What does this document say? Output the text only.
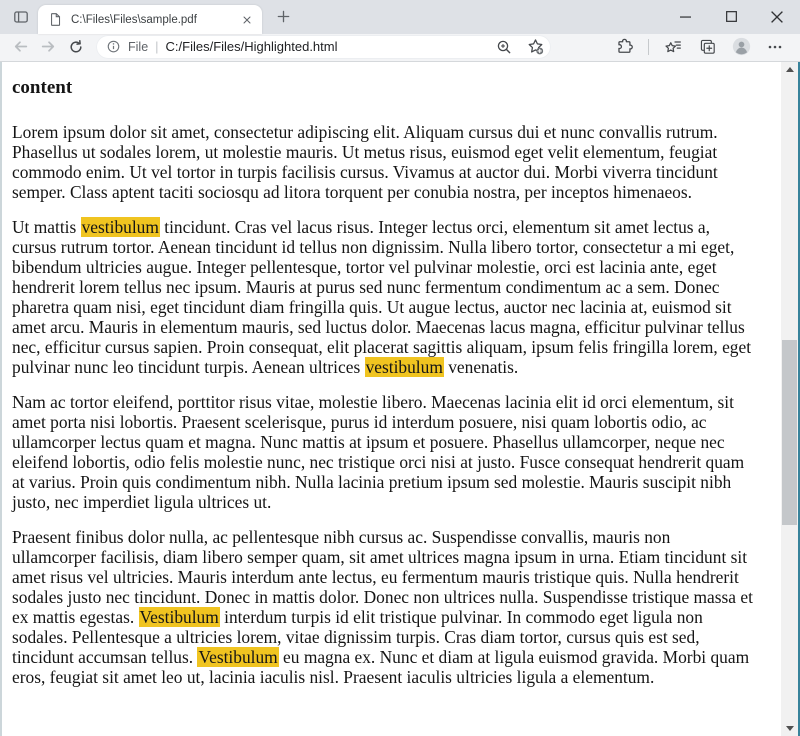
C:\Files\Files\sample.pdf
File | C:/Files/Files/Highlighted.html
content

Lorem ipsum dolor sit amet, consectetur adipiscing elit. Aliquam cursus dui et nunc convallis rutrum. Phasellus ut sodales lorem, ut molestie mauris. Ut metus risus, euismod eget velit elementum, feugiat commodo enim. Ut vel tortor in turpis facilisis cursus. Vivamus at auctor dui. Morbi viverra tincidunt semper. Class aptent taciti sociosqu ad litora torquent per conubia nostra, per inceptos himenaeos.

Ut mattis vestibulum tincidunt. Cras vel lacus risus. Integer lectus orci, elementum sit amet lectus a, cursus rutrum tortor. Aenean tincidunt id tellus non dignissim. Nulla libero tortor, consectetur a mi eget, bibendum ultricies augue. Integer pellentesque, tortor vel pulvinar molestie, orci est lacinia ante, eget hendrerit lorem tellus nec ipsum. Mauris at purus sed nunc fermentum condimentum ac a sem. Donec pharetra quam nisi, eget tincidunt diam fringilla quis. Ut augue lectus, auctor nec lacinia at, euismod sit amet arcu. Mauris in elementum mauris, sed luctus dolor. Maecenas lacus magna, efficitur pulvinar tellus nec, efficitur cursus sapien. Proin consequat, elit placerat sagittis aliquam, ipsum felis fringilla lorem, eget pulvinar nunc leo tincidunt turpis. Aenean ultrices vestibulum venenatis.

Nam ac tortor eleifend, porttitor risus vitae, molestie libero. Maecenas lacinia elit id orci elementum, sit amet porta nisi lobortis. Praesent scelerisque, purus id interdum posuere, nisi quam lobortis odio, ac ullamcorper lectus quam et magna. Nunc mattis at ipsum et posuere. Phasellus ullamcorper, neque nec eleifend lobortis, odio felis molestie nunc, nec tristique orci nisi at justo. Fusce consequat hendrerit quam at varius. Proin quis condimentum nibh. Nulla lacinia pretium ipsum sed molestie. Mauris suscipit nibh justo, nec imperdiet ligula ultrices ut.

Praesent finibus dolor nulla, ac pellentesque nibh cursus ac. Suspendisse convallis, mauris non ullamcorper facilisis, diam libero semper quam, sit amet ultrices magna ipsum in urna. Etiam tincidunt sit amet risus vel ultricies. Mauris interdum ante lectus, eu fermentum mauris tristique quis. Nulla hendrerit sodales justo nec tincidunt. Donec in mattis dolor. Donec non ultrices nulla. Suspendisse tristique massa et ex mattis egestas. Vestibulum interdum turpis id elit tristique pulvinar. In commodo eget ligula non sodales. Pellentesque a ultricies lorem, vitae dignissim turpis. Cras diam tortor, cursus quis est sed, tincidunt accumsan tellus. Vestibulum eu magna ex. Nunc et diam at ligula euismod gravida. Morbi quam eros, feugiat sit amet leo ut, lacinia iaculis nisl. Praesent iaculis ultricies ligula a elementum.
